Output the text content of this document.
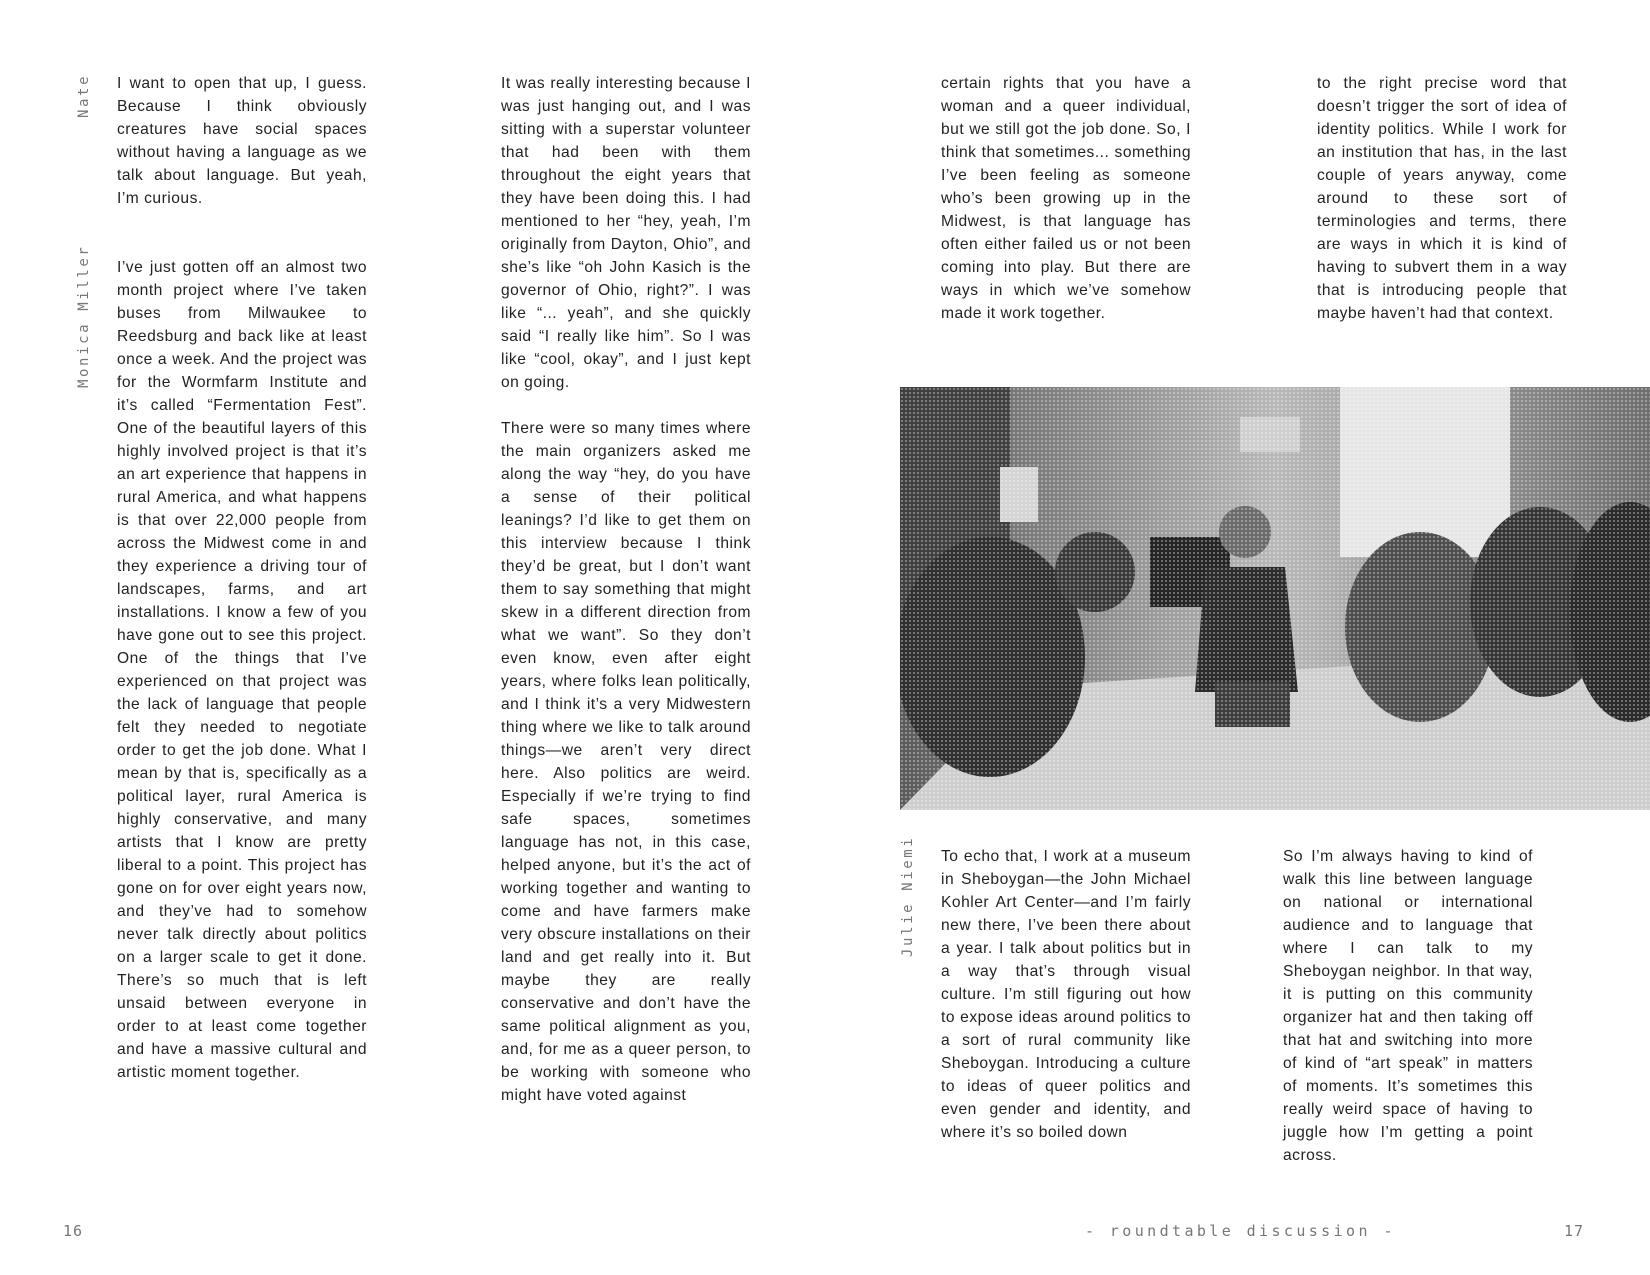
Nate
Monica Miller

I want to open that up, I guess. Because I think obviously creatures have social spaces without having a language as we talk about language. But yeah, I’m curious.

I’ve just gotten off an almost two month project where I’ve taken buses from Milwaukee to Reedsburg and back like at least once a week. And the project was for the Wormfarm Institute and it’s called “Fermentation Fest”. One of the beautiful layers of this highly involved project is that it’s an art experience that happens in rural America, and what happens is that over 22,000 people from across the Midwest come in and they experience a driving tour of landscapes, farms, and art installations. I know a few of you have gone out to see this project. One of the things that I’ve experienced on that project was the lack of language that people felt they needed to negotiate order to get the job done. What I mean by that is, specifically as a political layer, rural America is highly conservative, and many artists that I know are pretty liberal to a point. This project has gone on for over eight years now, and they’ve had to somehow never talk directly about politics on a larger scale to get it done. There’s so much that is left unsaid between everyone in order to at least come together and have a massive cultural and artistic moment together.

It was really interesting because I was just hanging out, and I was sitting with a superstar volunteer that had been with them throughout the eight years that they have been doing this. I had mentioned to her “hey, yeah, I’m originally from Dayton, Ohio”, and she’s like “oh John Kasich is the governor of Ohio, right?”. I was like “... yeah”, and she quickly said “I really like him”. So I was like “cool, okay”, and I just kept on going.

There were so many times where the main organizers asked me along the way “hey, do you have a sense of their political leanings? I’d like to get them on this interview because I think they’d be great, but I don’t want them to say something that might skew in a different direction from what we want”. So they don’t even know, even after eight years, where folks lean politically, and I think it’s a very Midwestern thing where we like to talk around things—we aren’t very direct here. Also politics are weird. Especially if we’re trying to find safe spaces, sometimes language has not, in this case, helped anyone, but it’s the act of working together and wanting to come and have farmers make very obscure installations on their land and get really into it. But maybe they are really conservative and don’t have the same political alignment as you, and, for me as a queer person, to be working with someone who might have voted against

16

certain rights that you have a woman and a queer individual, but we still got the job done. So, I think that sometimes... something I’ve been feeling as someone who’s been growing up in the Midwest, is that language has often either failed us or not been coming into play. But there are ways in which we’ve somehow made it work together.

to the right precise word that doesn’t trigger the sort of idea of identity politics. While I work for an institution that has, in the last couple of years anyway, come around to these sort of terminologies and terms, there are ways in which it is kind of having to subvert them in a way that is introducing people that maybe haven’t had that context.

Julie Niemi To echo that, I work at a museum in Sheboygan—the John Michael Kohler Art Center—and I’m fairly new there, I’ve been there about a year. I talk about politics but in a way that’s through visual culture. I’m still figuring out how to expose ideas around politics to a sort of rural community like Sheboygan. Introducing a culture to ideas of queer politics and even gender and identity, and where it’s so boiled down

So I’m always having to kind of walk this line between language on national or international audience and to language that where I can talk to my Sheboygan neighbor. In that way, it is putting on this community organizer hat and then taking off that hat and switching into more of kind of “art speak” in matters of moments. It’s sometimes this really weird space of having to juggle how I’m getting a point across.

- roundtable discussion -	17
